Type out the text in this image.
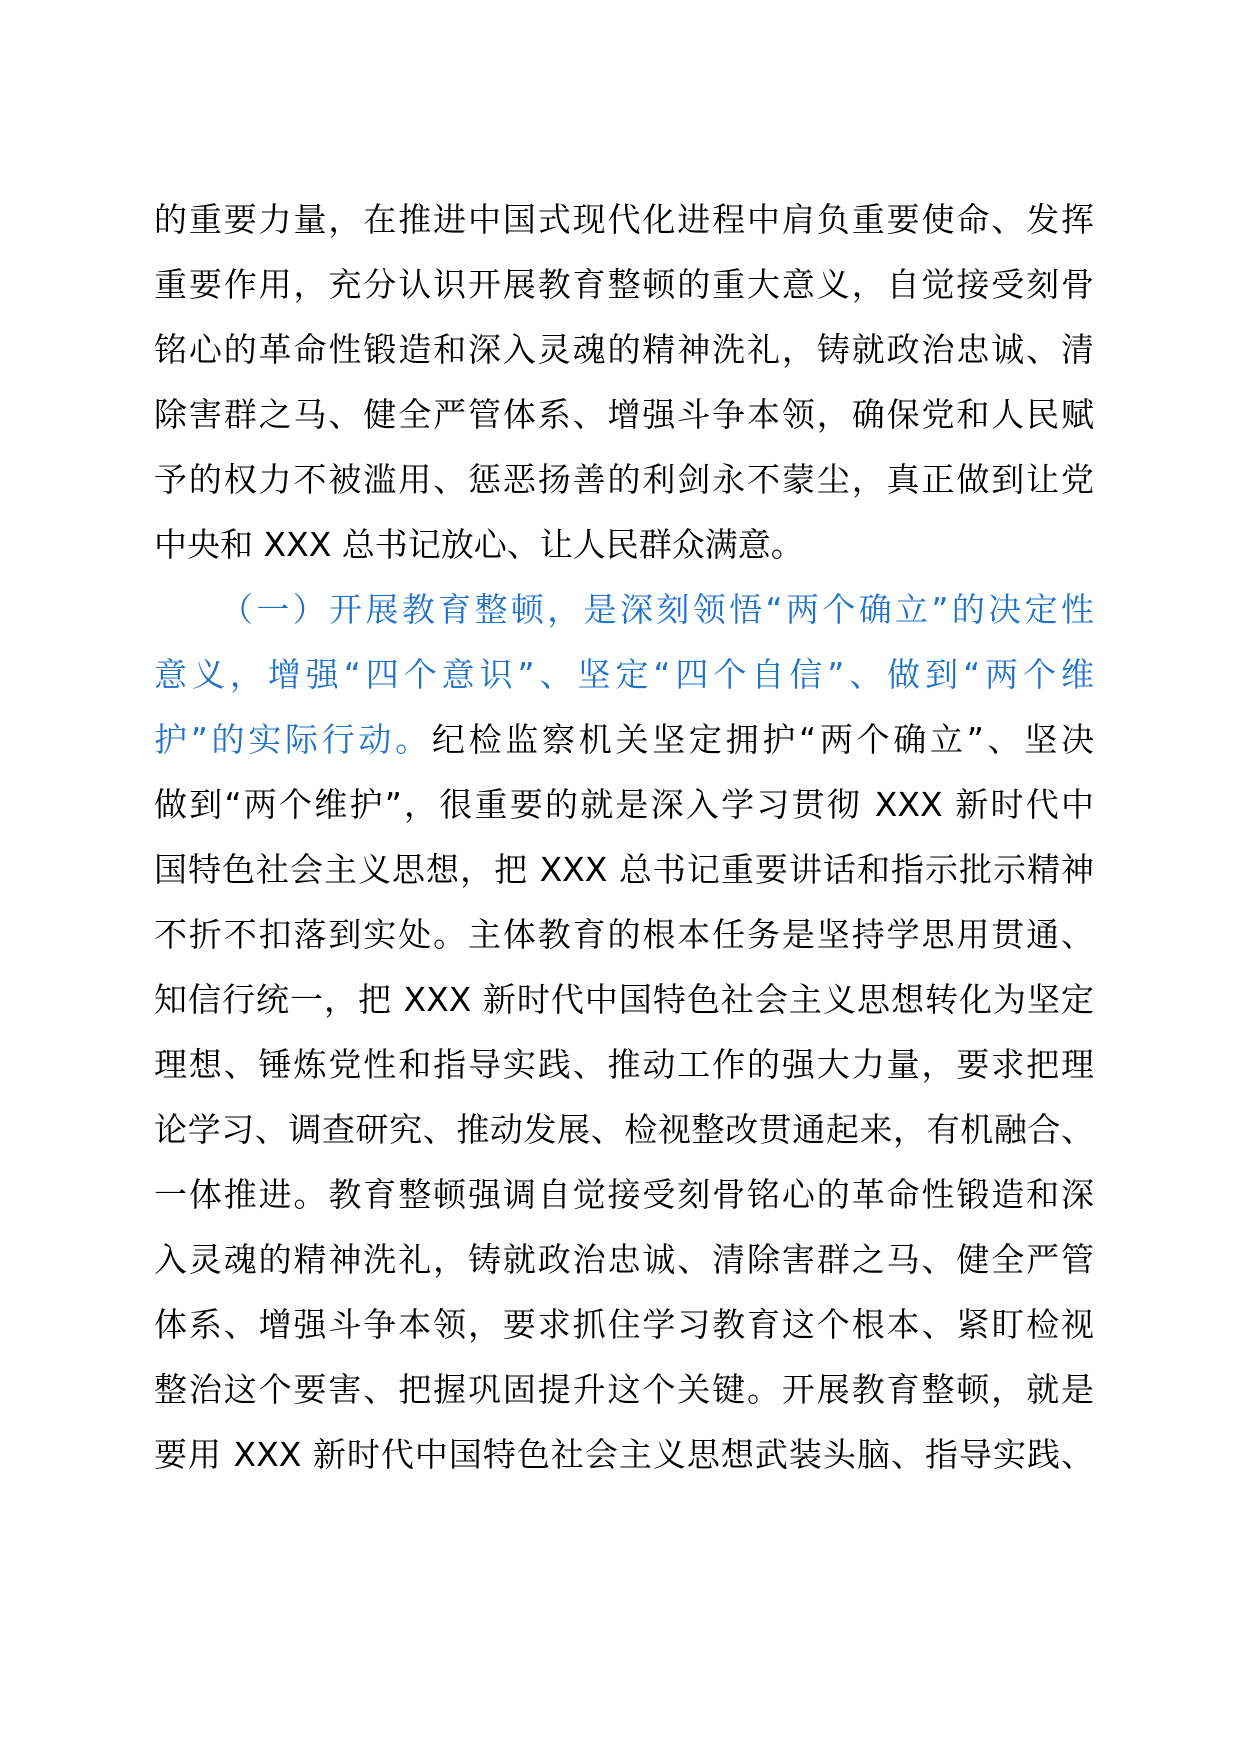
的重要力量，在推进中国式现代化进程中肩负重要使命、发挥
重要作用，充分认识开展教育整顿的重大意义，自觉接受刻骨
铭心的革命性锻造和深入灵魂的精神洗礼，铸就政治忠诚、清
除害群之马、健全严管体系、增强斗争本领，确保党和人民赋
予的权力不被滥用、惩恶扬善的利剑永不蒙尘，真正做到让党
中央和 XXX 总书记放心、让人民群众满意。
（一）开展教育整顿，是深刻领悟“两个确立”的决定性
意义，增强“四个意识”、坚定“四个自信”、做到“两个维
护”的实际行动。纪检监察机关坚定拥护“两个确立”、坚决
做到“两个维护”，很重要的就是深入学习贯彻 XXX 新时代中
国特色社会主义思想，把 XXX 总书记重要讲话和指示批示精神
不折不扣落到实处。主体教育的根本任务是坚持学思用贯通、
知信行统一，把 XXX 新时代中国特色社会主义思想转化为坚定
理想、锤炼党性和指导实践、推动工作的强大力量，要求把理
论学习、调查研究、推动发展、检视整改贯通起来，有机融合、
一体推进。教育整顿强调自觉接受刻骨铭心的革命性锻造和深
入灵魂的精神洗礼，铸就政治忠诚、清除害群之马、健全严管
体系、增强斗争本领，要求抓住学习教育这个根本、紧盯检视
整治这个要害、把握巩固提升这个关键。开展教育整顿，就是
要用 XXX 新时代中国特色社会主义思想武装头脑、指导实践、
